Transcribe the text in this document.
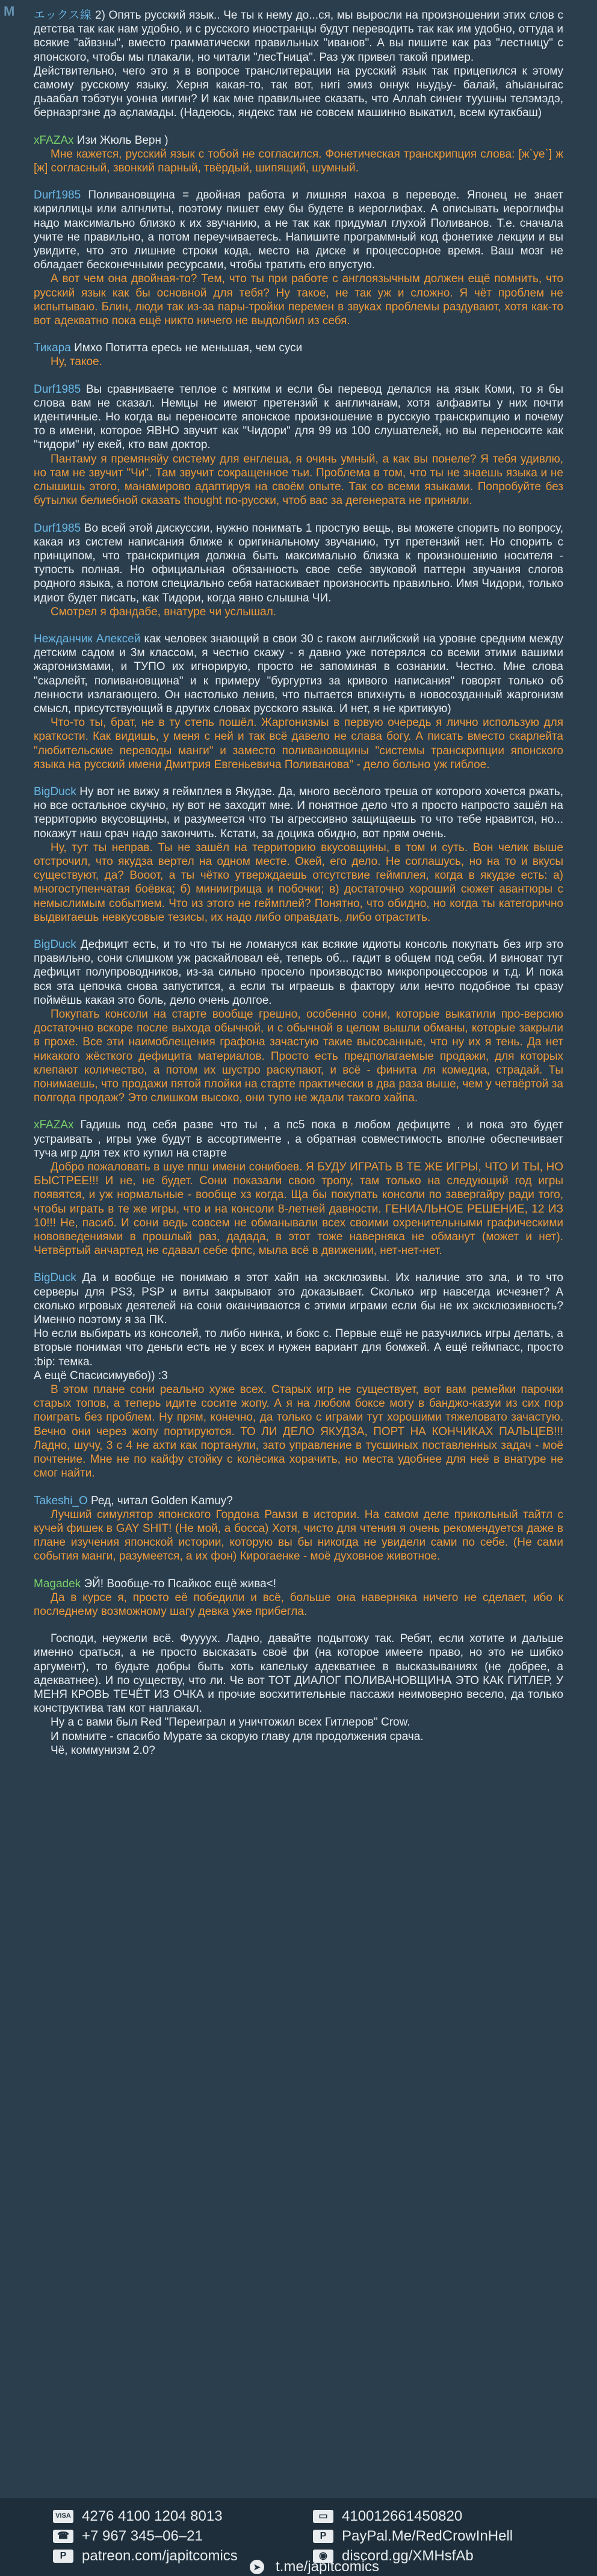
M	エックス線 2) Опять русский язык.. Че ты к нему до...ся, мы выросли на произношении этих слов с детства так как нам удобно, и с русского иностранцы будут переводить так как им удобно, оттуда и всякие "айвзны", вместо грамматически правильных "иванов". А вы пишите как раз "лестницу" с японского, чтобы мы плакали, но читали "лесТница". Раз уж привел такой пример.

Действительно, чего это я в вопросе транслитерации на русский язык так прицепился к этому самому русскому языку. Херня какая-то, так вот, нигі эмиз оннук ньудьу- балай, аhыаныгас дьаабал тэбэтун уонна иигин? И как мне правильнее сказать, что Аллаh синеҥ туушны телэмэдэ, бернаэргэне дэ аҫламады. (Надеюсь, яндекс там не совсем машинно выкатил, всем кутакбаш)

xFAZAx Изи Жюль Верн )

Мне кажется, русский язык с тобой не согласился. Фонетическая транскрипция слова: [ж`уе`] ж [ж] согласный, звонкий парный, твёрдый, шипящий, шумный.

Durf1985 Поливановщина = двойная работа и лишняя нахоа в переводе. Японец не знает кириллицы или алгнлиты, поэтому пишет ему бы будете в иероглифах. А описывать иероглифы надо максимально близко к их звучанию, а не так как придумал глухой Поливанов. Т.е. сначала учите не правильно, а потом переучиваетесь. Напишите программный код фонетике лекции и вы увидите, что это лишние строки кода, место на диске и процессорное время. Ваш мозг не обладает бесконечными ресурсами, чтобы тратить его впустую.

А вот чем она двойная-то? Тем, что ты при работе с англоязычным должен ещё помнить, что русский язык как бы основной для тебя? Ну такое, не так уж и сложно. Я чёт проблем не испытываю. Блин, люди так из-за пары-тройки перемен в звуках проблемы раздувают, хотя как-то вот адекватно пока ещё никто ничего не выдолбил из себя.

Тикара Имхо Потитта ересь не меньшая, чем суси

Ну, такое.

Durf1985 Вы сравниваете теплое с мягким и если бы перевод делался на язык Коми, то я бы слова вам не сказал. Немцы не имеют претензий к англичанам, хотя алфавиты у них почти идентичные. Но когда вы переносите японское произношение в русскую транскрипцию и почему то в имени, которое ЯВНО звучит как "Чидори" для 99 из 100 слушателей, но вы переносите как "тидори" ну екей, кто вам доктор.

Пантаму я премяняйу систему для енглеша, я очинь умный, а как вы понеле? Я тебя удивлю, но там не звучит "Чи". Там звучит сокращенное тьи. Проблема в том, что ты не знаешь языка и не слышишь этого, манамирово адаптируя на своём опыте. Так со всеми языками. Попробуйте без бутылки белиебной сказать thought по-русски, чтоб вас за дегенерата не приняли.

Durf1985 Во всей этой дискуссии, нужно понимать 1 простую вещь, вы можете спорить по вопросу, какая из систем написания ближе к оригинальному звучанию, тут претензий нет. Но спорить с принципом, что транскрипция должна быть максимально близка к произношению носителя - тупость полная. Но официальная обязанность свое себе звуковой паттерн звучания слогов родного языка, а потом специально себя натаскивает произносить правильно. Имя Чидори, только идиот будет писать, как Тидори, когда явно слышна ЧИ.

Смотрел я фандабе, внатуре чи услышал.

Нежданчик Алексей как человек знающий в свои 30 с гаком английский на уровне средним между детским садом и 3м классом, я честно скажу - я давно уже потерялся со всеми этими вашими жаргонизмами, и ТУПО их игнорирую, просто не запоминая в сознании. Честно. Мне слова "скарлейт, поливановщина" и к примеру "бургуртиз за кривого написания" говорят только об ленности излагающего. Он настолько ленив, что пытается впихнуть в новосозданный жаргонизм смысл, присутствующий в других словах русского языка. И нет, я не критикую)

Что-то ты, брат, не в ту степь пошёл. Жаргонизмы в первую очередь я лично использую для краткости. Как видишь, у меня с ней и так всё давело не слава богу. А писать вместо скарлейта "любительские переводы манги" и заместо поливановщины "системы транскрипции японского языка на русский имени Дмитрия Евгеньевича Поливанова" - дело больно уж гиблое.

BigDuck Ну вот не вижу я геймплея в Якудзе. Да, много весёлого треша от которого хочется ржать, но все остальное скучно, ну вот не заходит мне. И понятное дело что я просто напросто зашёл на территорию вкусовщины, и разумеется что ты агрессивно защищаешь то что тебе нравится, но... покажут наш срач надо закончить. Кстати, за доцика обидно, вот прям очень.

Ну, тут ты неправ. Ты не зашёл на территорию вкусовщины, в том и суть. Вон челик выше отстрочил, что якудза вертел на одном месте. Окей, его дело. Не соглашусь, но на то и вкусы существуют, да? Вооот, а ты чётко утверждаешь отсутствие геймплея, когда в якудзе есть: а) многоступенчатая боёвка; б) миниигрища и побочки; в) достаточно хороший сюжет авантюры с немыслимым событием. Что из этого не геймплей? Понятно, что обидно, но когда ты категорично выдвигаешь невкусовые тезисы, их надо либо оправдать, либо отрастить.

BigDuck Дефицит есть, и то что ты не ломануся как всякие идиоты консоль покупать без игр это правильно, сони слишком уж раскайловал её, теперь об... гадит в общем под себя. И виноват тут дефицит полупроводников, из-за сильно просело производство микропроцессоров и т.д. И пока вся эта цепочка снова запустится, а если ты играешь в фактору или нечто подобное ты сразу поймёшь какая это боль, дело очень долгое.

Покупать консоли на старте вообще грешно, особенно сони, которые выкатили про-версию достаточно вскоре после выхода обычной, и с обычной в целом вышли обманы, которые закрыли в прохе. Все эти наимоблещения графона зачастую такие высосанные, что ну их я тень. Да нет никакого жёсткого дефицита материалов. Просто есть предполагаемые продажи, для которых клепают количество, а потом их шустро раскупают, и всё - финита ля комедиа, страдай. Ты понимаешь, что продажи пятой плойки на старте практически в два раза выше, чем у четвёртой за полгода продаж? Это слишком высоко, они тупо не ждали такого хайпа.

xFAZAx Гадишь под себя разве что ты , а пс5 пока в любом дефиците , и пока это будет устраивать , игры уже будут в ассортименте , а обратная совместимость вполне обеспечивает туча игр для тех кто купил на старте

Добро пожаловать в шуе ппш имени сонибоев. Я БУДУ ИГРАТЬ В ТЕ ЖЕ ИГРЫ, ЧТО И ТЫ, НО БЫСТРЕЕ!!! И не, не будет. Сони показали свою тропу, там только на следующий год игры появятся, и уж нормальные - вообще хз когда. Ща бы покупать консоли по завергайру ради того, чтобы играть в те же игры, что и на консоли 8-летней давности. ГЕНИАЛЬНОЕ РЕШЕНИЕ, 12 ИЗ 10!!! Не, пасиб. И сони ведь совсем не обманывали всех своими охренительными графическими нововведениями в прошлый раз, дадада, в этот тоже наверняка не обманут (может и нет). Четвёртый анчартед не сдавал себе фпс, мыла всё в движении, нет-нет-нет.

BigDuck Да и вообще не понимаю я этот хайп на эксклюзивы. Их наличие это зла, и то что серверы для PS3, PSP и виты закрывают это доказывает. Сколько игр навсегда исчезнет? А сколько игровых деятелей на сони оканчиваются с этими играми если бы не их эксклюзивность? Именно поэтому я за ПК.

Но если выбирать из консолей, то либо нинка, и бокс с. Первые ещё не разучились игры делать, а вторые понимая что деньги есть не у всех и нужен вариант для бомжей. А ещё геймпасс, просто :bip: темка.

А ещё Спасисимувбо)) :3

В этом плане сони реально хуже всех. Старых игр не существует, вот вам ремейки парочки старых топов, а теперь идите сосите жопу. А я на любом боксе могу в банджо-казуи из сих пор поиграть без проблем. Ну прям, конечно, да только с играми тут хорошими тяжеловато зачастую. Вечно они через жопу портируются. ТО ЛИ ДЕЛО ЯКУДЗА, ПОРТ НА КОНЧИКАХ ПАЛЬЦЕВ!!! Ладно, шучу, 3 с 4 не ахти как портанули, зато управление в тусшиных поставленных задач - моё почтение. Мне не по кайфу стойку с колёсика хорачить, но места удобнее для неё в внатуре не смог найти.

Takeshi_O Ред, читал Golden Kamuy?

Лучший симулятор японского Гордона Рамзи в истории. На самом деле прикольный тайтл с кучей фишек в GAY SHIT! (Не мой, а босса) Хотя, чисто для чтения я очень рекомендуется даже в плане изучения японской истории, которую вы бы никогда не увидели сами по себе. (Не сами события манги, разумеется, а их фон) Кирогаенке - моё духовное животное.

Magadek ЭЙ! Вообще-то Псайкос ещё жива<!

Да в курсе я, просто её победили и всё, больше она наверняка ничего не сделает, ибо к последнему возможному шагу девка уже прибегла.

Господи, неужели всё. Фуууух. Ладно, давайте подытожу так. Ребят, если хотите и дальше именно сраться, а не просто высказать своё фи (на которое имеете право, но это не шибко аргумент), то будьте добры быть хоть капельку адекватнее в высказываниях (не добрее, а адекватнее). И по существу, что ли. Че вот ТОТ ДИАЛОГ ПОЛИВАНОВЩИНА ЭТО КАК ГИТЛЕР, У МЕНЯ КРОВЬ ТЕЧЁТ ИЗ ОЧКА и прочие восхитительные пассажи неимоверно весело, да только конструктива там кот наплакал.

Ну а с вами был Red "Переиграл и уничтожил всех Гитлеров" Crow.

И помните - спасибо Мурате за скорую главу для продолжения срача.

Чё, коммунизм 2.0?

VISA 4276 4100 1204 8013
☎ +7 967 345–06–21
P	patreon.com/japitcomics
▭ 410012661450820
P	PayPal.Me/RedCrowInHell
◉	discord.gg/XMHsfAb
➤ t.me/japitcomics
